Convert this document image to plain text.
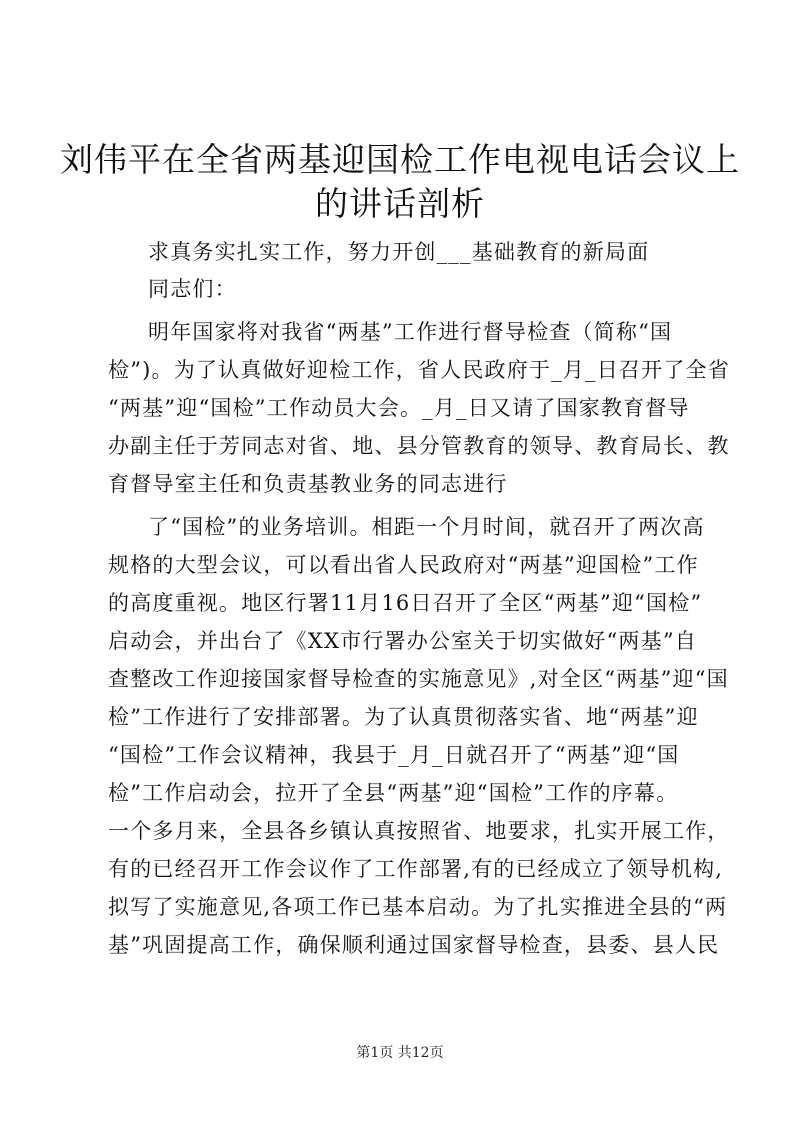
刘伟平在全省两基迎国检工作电视电话会议上
的讲话剖析

求真务实扎实工作，努力开创___基础教育的新局面

同志们：

明年国家将对我省“两基”工作进行督导检查（简称“国

检”)。为了认真做好迎检工作，省人民政府于_月_日召开了全省

“两基”迎“国检”工作动员大会。_月_日又请了国家教育督导

办副主任于芳同志对省、地、县分管教育的领导、教育局长、教

育督导室主任和负责基教业务的同志进行

了“国检”的业务培训。相距一个月时间，就召开了两次高

规格的大型会议，可以看出省人民政府对“两基”迎国检”工作

的高度重视。地区行署11月16日召开了全区“两基”迎“国检”

启动会，并出台了《XX市行署办公室关于切实做好“两基”自

查整改工作迎接国家督导检查的实施意见》,对全区“两基”迎“国

检”工作进行了安排部署。为了认真贯彻落实省、地“两基”迎

“国检”工作会议精神，我县于_月_日就召开了“两基”迎“国

检”工作启动会，拉开了全县“两基”迎“国检”工作的序幕。

一个多月来，全县各乡镇认真按照省、地要求，扎实开展工作，

有的已经召开工作会议作了工作部署,有的已经成立了领导机构,

拟写了实施意见,各项工作已基本启动。为了扎实推进全县的“两

基”巩固提高工作，确保顺利通过国家督导检查，县委、县人民

第1页 共12页
